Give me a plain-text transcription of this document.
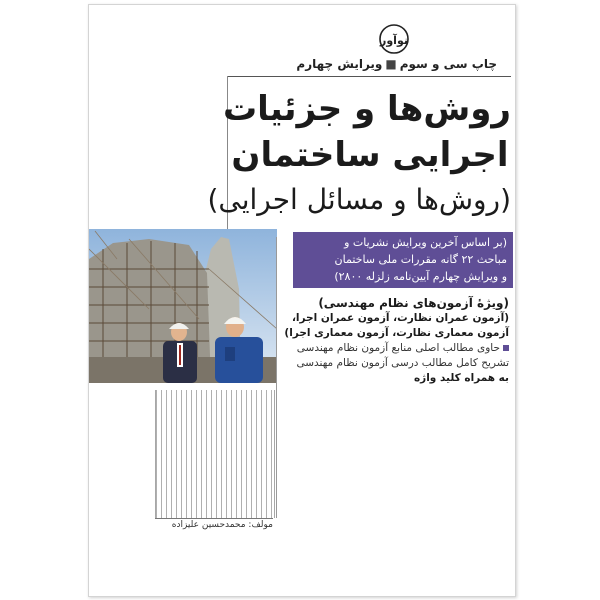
نوآور
چاپ سی و سوم■ویرایش چهارم
روش‌ها و جزئیات
اجرایی ساختمان
(روش‌ها و مسائل اجرایی)
(بر اساس آخرین ویرایش نشریات و
مباحث ۲۲ گانه مقررات ملی ساختمان
و ویرایش چهارم آیین‌نامه زلزله ۲۸۰۰)
(ویژهٔ آزمون‌های نظام مهندسی)
(آزمون عمران نظارت، آزمون عمران اجرا،
آزمون معماری نظارت، آزمون معماری اجرا)
حاوی مطالب اصلی منابع آزمون نظام مهندسی
تشریح کامل مطالب درسی آزمون نظام مهندسی
به همراه کلید واژه
مولف: محمدحسین علیزاده
